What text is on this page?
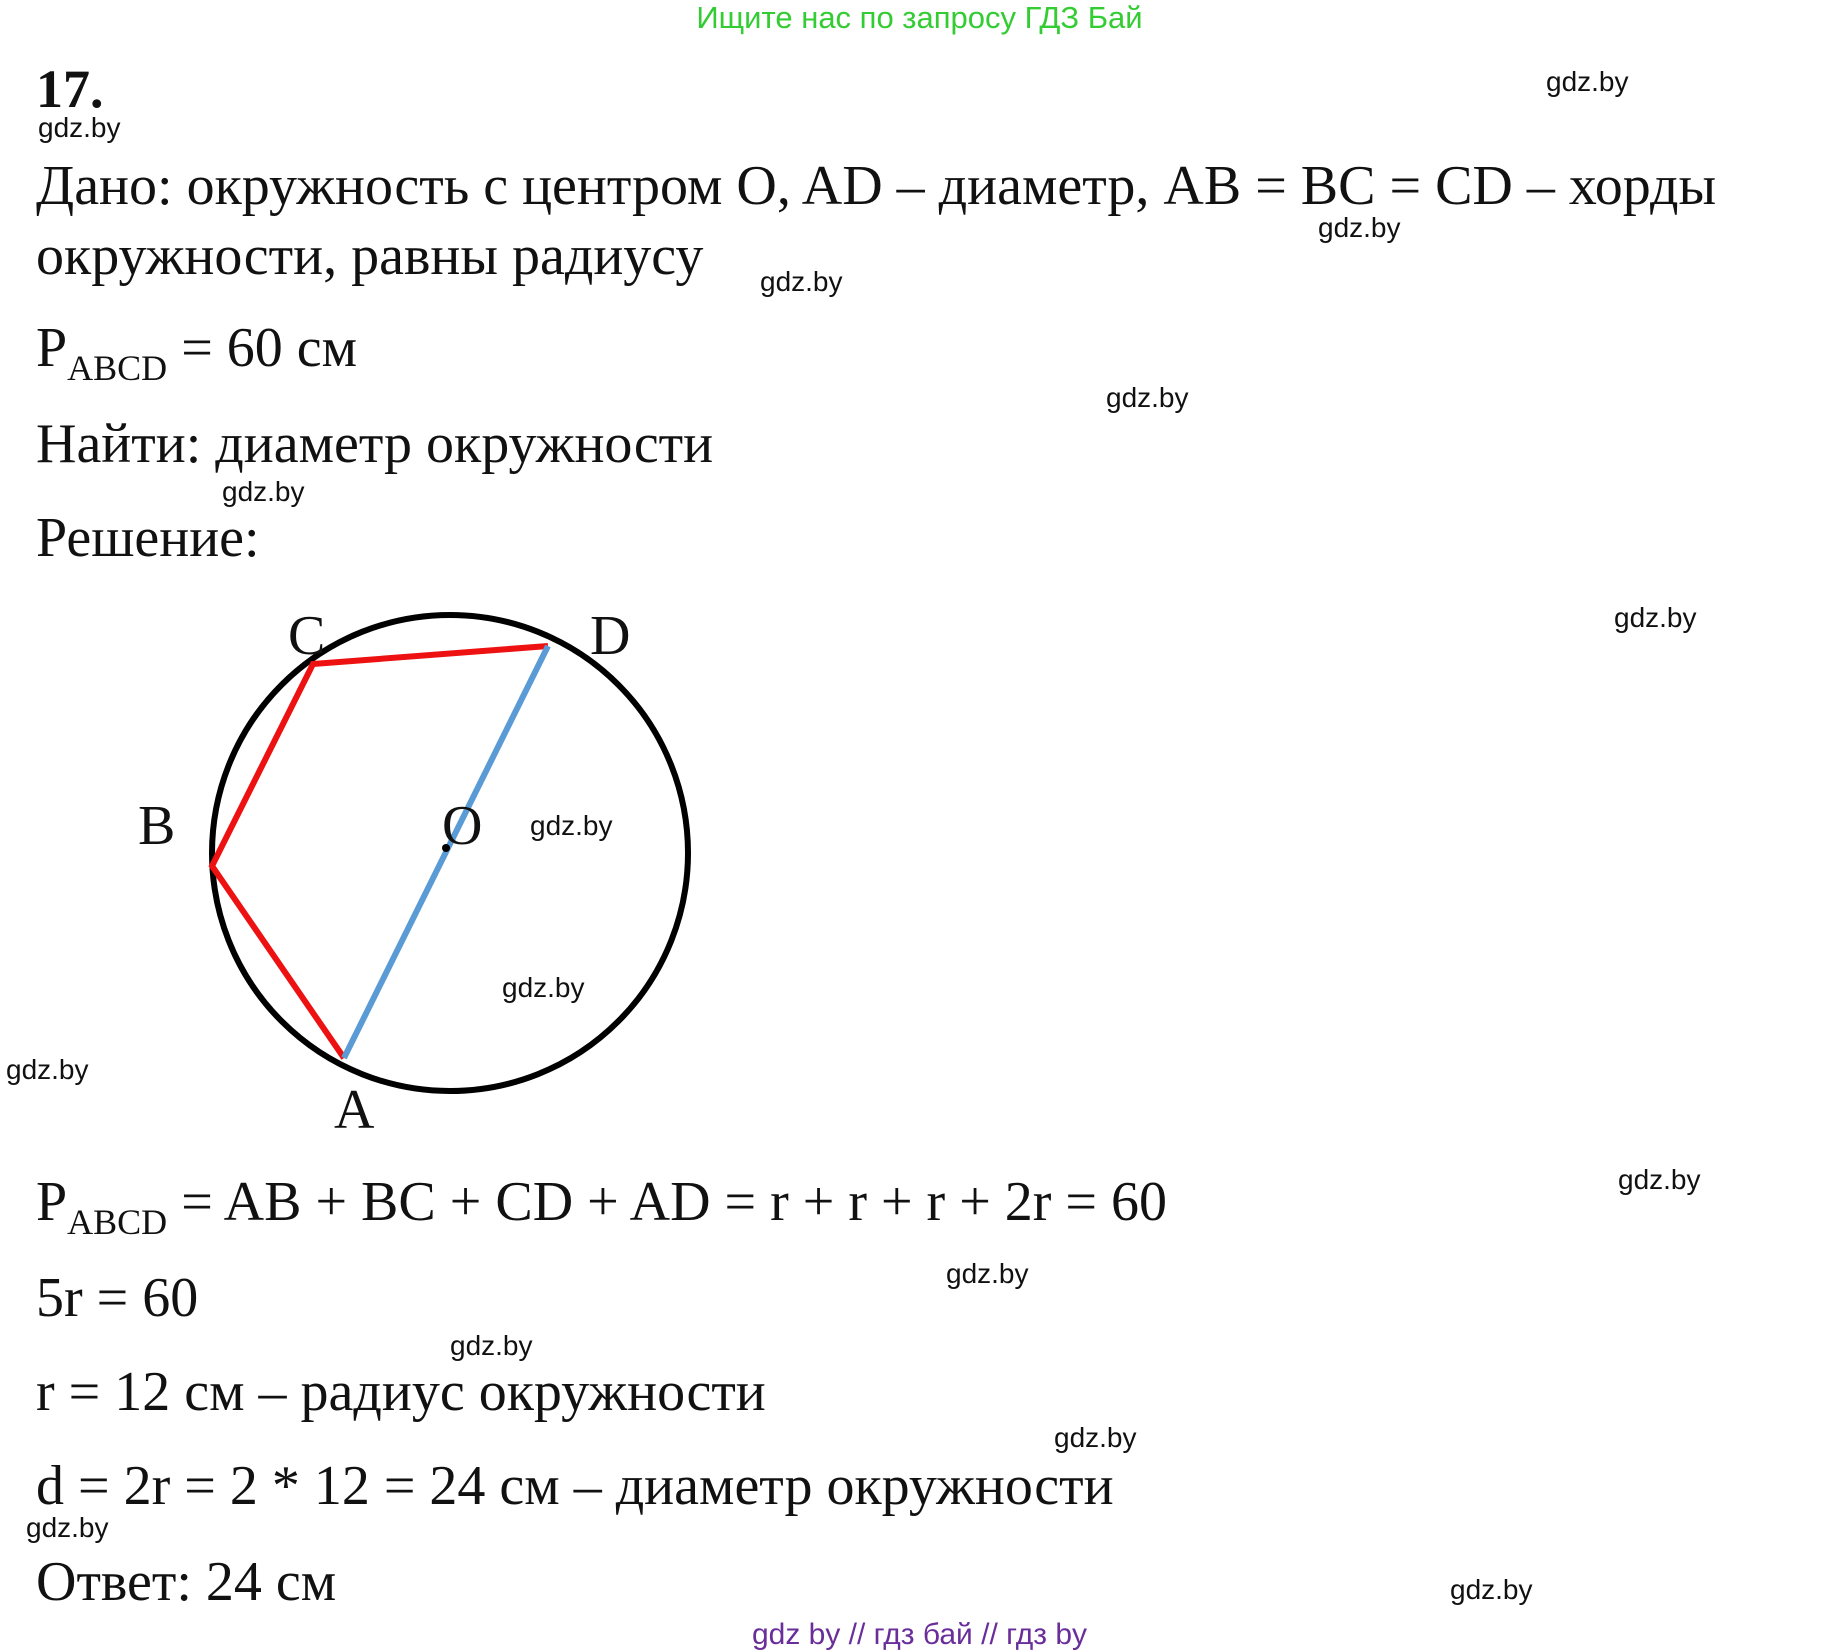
Ищите нас по запросу ГДЗ Бай
17.
Дано: окружность с центром O, AD – диаметр, AB = BC = CD – хорды
окружности, равны радиусу
$P_{ABCD} = 60$ см
Найти: диаметр окружности
Решение:
C	D
B	O
A
$P_{ABCD}$ = AB + BC + CD + AD = r + r + r + 2r = 60
5r = 60
r = 12 см – радиус окружности
d = 2r = 2 * 12 = 24 см – диаметр окружности
Ответ: 24 см
gdz.by
gdz.by
gdz.by
gdz.by
gdz.by
gdz.by
gdz.by
gdz.by
gdz.by
gdz.by
gdz.by
gdz.by
gdz.by
gdz.by
gdz.by
gdz.by
gdz by // гдз бай // гдз by
